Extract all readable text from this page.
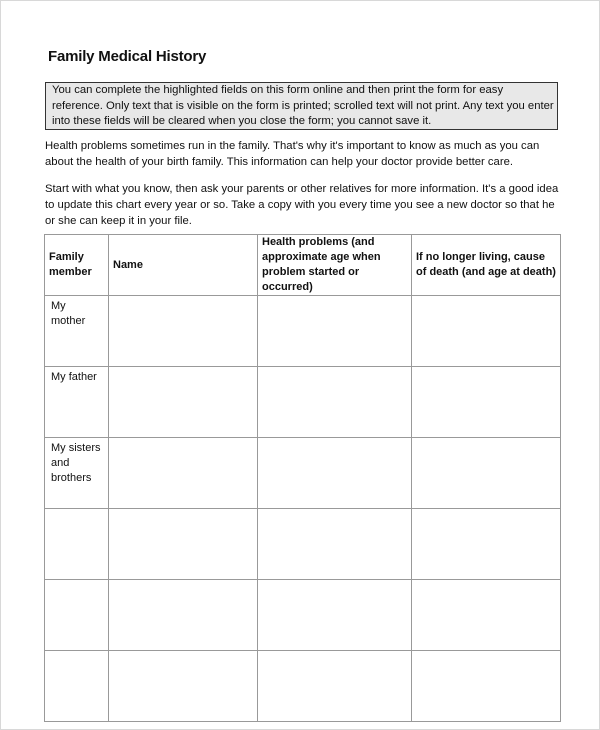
Family Medical History
You can complete the highlighted fields on this form online and then print the form for easy reference. Only text that is visible on the form is printed; scrolled text will not print. Any text you enter into these fields will be cleared when you close the form; you cannot save it.
Health problems sometimes run in the family. That's why it's important to know as much as you can about the health of your birth family. This information can help your doctor provide better care.
Start with what you know, then ask your parents or other relatives for more information. It's a good idea to update this chart every year or so. Take a copy with you every time you see a new doctor so that he or she can keep it in your file.
Family member	Name	Health problems (and approximate age when problem started or occurred)	If no longer living, cause of death (and age at death)
My mother			
My father			
My sisters and brothers			
